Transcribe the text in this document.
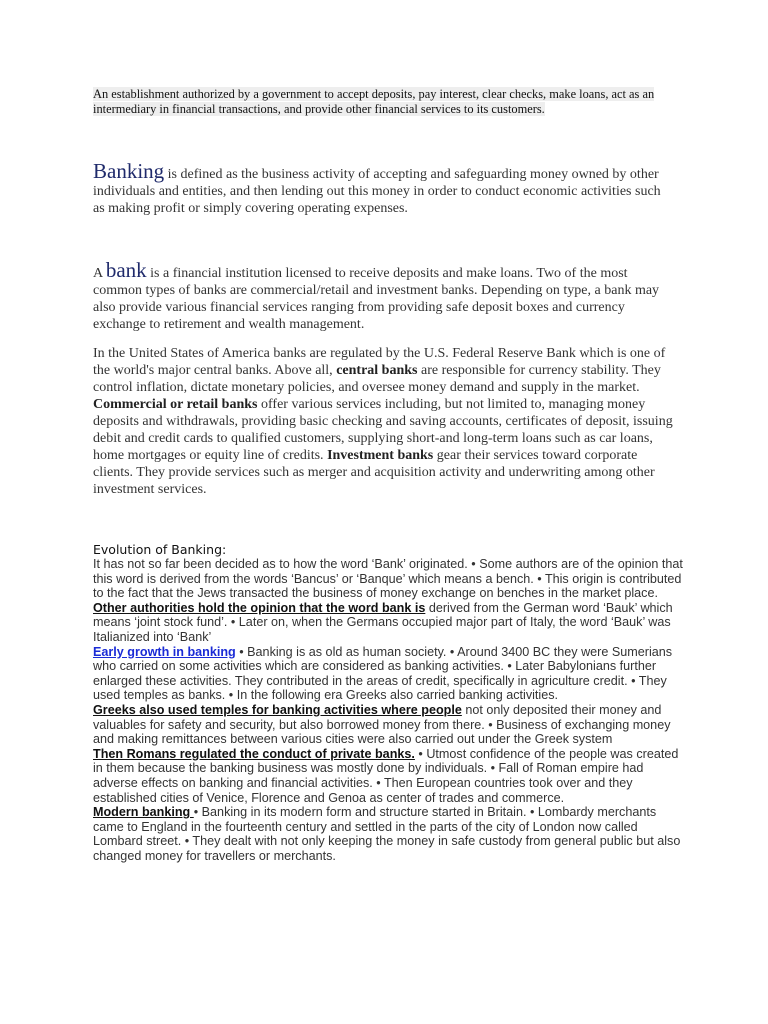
An establishment authorized by a government to accept deposits, pay interest, clear checks, make loans, act as an intermediary in financial transactions, and provide other financial services to its customers.
Banking is defined as the business activity of accepting and safeguarding money owned by other individuals and entities, and then lending out this money in order to conduct economic activities such as making profit or simply covering operating expenses.
A bank is a financial institution licensed to receive deposits and make loans. Two of the most common types of banks are commercial/retail and investment banks. Depending on type, a bank may also provide various financial services ranging from providing safe deposit boxes and currency exchange to retirement and wealth management.
In the United States of America banks are regulated by the U.S. Federal Reserve Bank which is one of the world's major central banks. Above all, central banks are responsible for currency stability. They control inflation, dictate monetary policies, and oversee money demand and supply in the market. Commercial or retail banks offer various services including, but not limited to, managing money deposits and withdrawals, providing basic checking and saving accounts, certificates of deposit, issuing debit and credit cards to qualified customers, supplying short-and long-term loans such as car loans, home mortgages or equity line of credits. Investment banks gear their services toward corporate clients. They provide services such as merger and acquisition activity and underwriting among other investment services.
Evolution of Banking:

It has not so far been decided as to how the word ‘Bank’ originated. • Some authors are of the opinion that this word is derived from the words ‘Bancus’ or ‘Banque’ which means a bench. • This origin is contributed to the fact that the Jews transacted the business of money exchange on benches in the market place.

Other authorities hold the opinion that the word bank is derived from the German word ‘Bauk’ which means ‘joint stock fund’. • Later on, when the Germans occupied major part of Italy, the word ‘Bauk’ was Italianized into ‘Bank’

Early growth in banking • Banking is as old as human society. • Around 3400 BC they were Sumerians who carried on some activities which are considered as banking activities. • Later Babylonians further enlarged these activities. They contributed in the areas of credit, specifically in agriculture credit. • They used temples as banks. • In the following era Greeks also carried banking activities.

Greeks also used temples for banking activities where people not only deposited their money and valuables for safety and security, but also borrowed money from there. • Business of exchanging money and making remittances between various cities were also carried out under the Greek system

Then Romans regulated the conduct of private banks. • Utmost confidence of the people was created in them because the banking business was mostly done by individuals. • Fall of Roman empire had adverse effects on banking and financial activities. • Then European countries took over and they established cities of Venice, Florence and Genoa as center of trades and commerce.

Modern banking • Banking in its modern form and structure started in Britain. • Lombardy merchants came to England in the fourteenth century and settled in the parts of the city of London now called Lombard street. • They dealt with not only keeping the money in safe custody from general public but also changed money for travellers or merchants.
